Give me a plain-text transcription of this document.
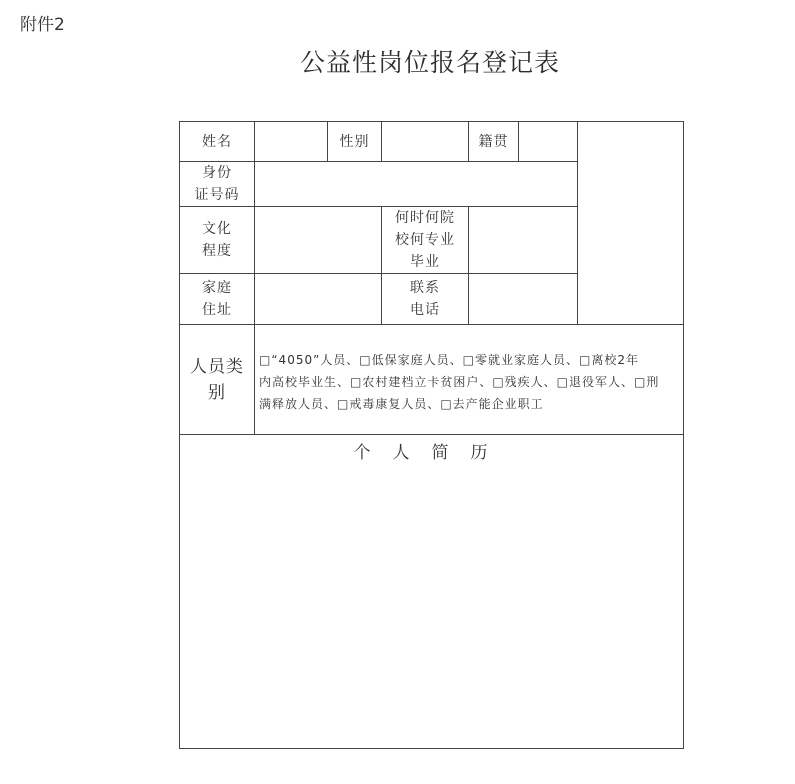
附件2
公益性岗位报名登记表
姓名	性别	籍贯
身份
证号码
文化
程度
何时何院
校何专业
毕业
家庭
住址
联系
电话
人员类
别
□“4050”人员、□低保家庭人员、□零就业家庭人员、□离校2年
内高校毕业生、□农村建档立卡贫困户、□残疾人、□退役军人、□刑
满释放人员、□戒毒康复人员、□去产能企业职工
个人简历
